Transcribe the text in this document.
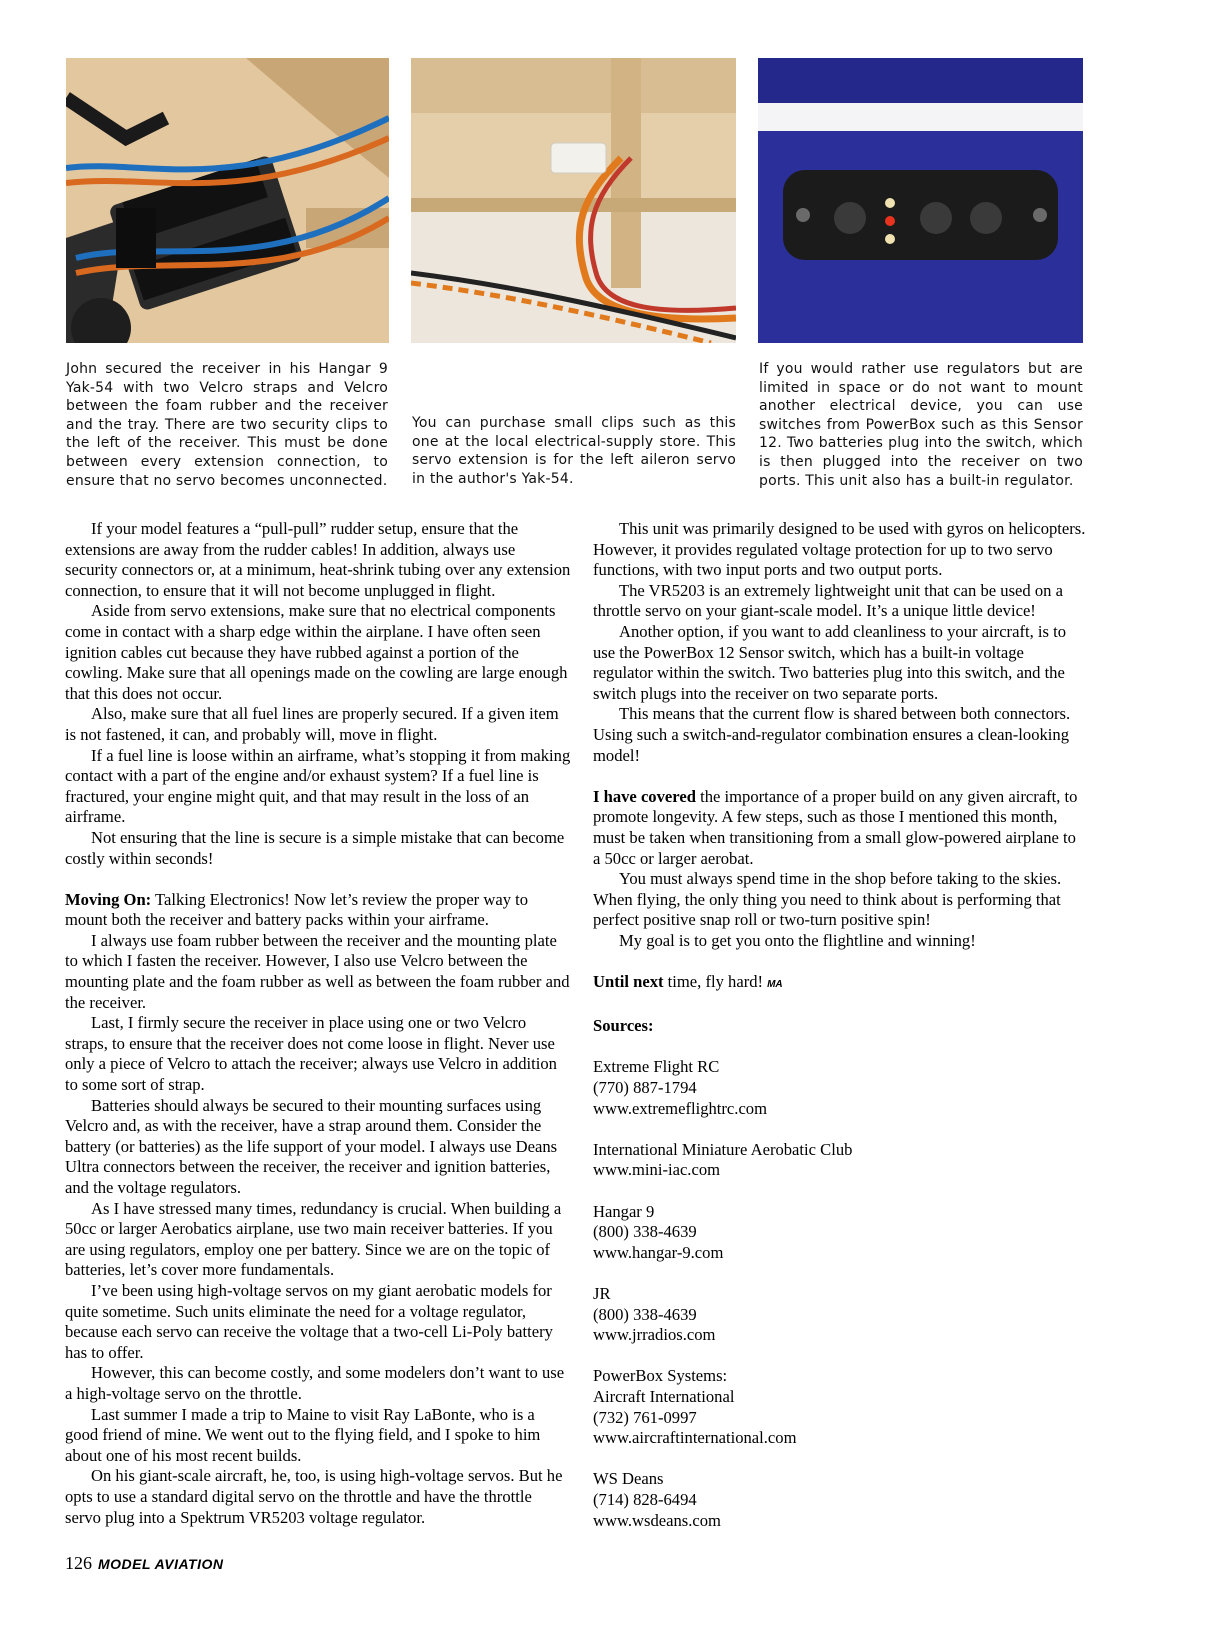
John secured the receiver in his Hangar 9 Yak-54 with two Velcro straps and Velcro between the foam rubber and the receiver and the tray. There are two security clips to the left of the receiver. This must be done between every extension connection, to ensure that no servo becomes unconnected.
You can purchase small clips such as this one at the local electrical-supply store. This servo extension is for the left aileron servo in the author's Yak-54.
If you would rather use regulators but are limited in space or do not want to mount another electrical device, you can use switches from PowerBox such as this Sensor 12. Two batteries plug into the switch, which is then plugged into the receiver on two ports. This unit also has a built-in regulator.

If your model features a “pull-pull” rudder setup, ensure that the extensions are away from the rudder cables! In addition, always use security connectors or, at a minimum, heat-shrink tubing over any extension connection, to ensure that it will not become unplugged in flight.

Aside from servo extensions, make sure that no electrical components come in contact with a sharp edge within the airplane. I have often seen ignition cables cut because they have rubbed against a portion of the cowling. Make sure that all openings made on the cowling are large enough that this does not occur.

Also, make sure that all fuel lines are properly secured. If a given item is not fastened, it can, and probably will, move in flight.

If a fuel line is loose within an airframe, what’s stopping it from making contact with a part of the engine and/or exhaust system? If a fuel line is fractured, your engine might quit, and that may result in the loss of an airframe.

Not ensuring that the line is secure is a simple mistake that can become costly within seconds!

Moving On: Talking Electronics! Now let’s review the proper way to mount both the receiver and battery packs within your airframe.

I always use foam rubber between the receiver and the mounting plate to which I fasten the receiver. However, I also use Velcro between the mounting plate and the foam rubber as well as between the foam rubber and the receiver.

Last, I firmly secure the receiver in place using one or two Velcro straps, to ensure that the receiver does not come loose in flight. Never use only a piece of Velcro to attach the receiver; always use Velcro in addition to some sort of strap.

Batteries should always be secured to their mounting surfaces using Velcro and, as with the receiver, have a strap around them. Consider the battery (or batteries) as the life support of your model. I always use Deans Ultra connectors between the receiver, the receiver and ignition batteries, and the voltage regulators.

As I have stressed many times, redundancy is crucial. When building a 50cc or larger Aerobatics airplane, use two main receiver batteries. If you are using regulators, employ one per battery. Since we are on the topic of batteries, let’s cover more fundamentals.

I’ve been using high-voltage servos on my giant aerobatic models for quite sometime. Such units eliminate the need for a voltage regulator, because each servo can receive the voltage that a two-cell Li-Poly battery has to offer.

However, this can become costly, and some modelers don’t want to use a high-voltage servo on the throttle.

Last summer I made a trip to Maine to visit Ray LaBonte, who is a good friend of mine. We went out to the flying field, and I spoke to him about one of his most recent builds.

On his giant-scale aircraft, he, too, is using high-voltage servos. But he opts to use a standard digital servo on the throttle and have the throttle servo plug into a Spektrum VR5203 voltage regulator.

This unit was primarily designed to be used with gyros on helicopters. However, it provides regulated voltage protection for up to two servo functions, with two input ports and two output ports.

The VR5203 is an extremely lightweight unit that can be used on a throttle servo on your giant-scale model. It’s a unique little device!

Another option, if you want to add cleanliness to your aircraft, is to use the PowerBox 12 Sensor switch, which has a built-in voltage regulator within the switch. Two batteries plug into this switch, and the switch plugs into the receiver on two separate ports.

This means that the current flow is shared between both connectors. Using such a switch-and-regulator combination ensures a clean-looking model!

I have covered the importance of a proper build on any given aircraft, to promote longevity. A few steps, such as those I mentioned this month, must be taken when transitioning from a small glow-powered airplane to a 50cc or larger aerobat.

You must always spend time in the shop before taking to the skies. When flying, the only thing you need to think about is performing that perfect positive snap roll or two-turn positive spin!

My goal is to get you onto the flightline and winning!

Until next time, fly hard! MA

Sources:

Extreme Flight RC
(770) 887-1794
www.extremeflightrc.com
International Miniature Aerobatic Club
www.mini-iac.com
Hangar 9
(800) 338-4639
www.hangar-9.com
JR
(800) 338-4639
www.jrradios.com
PowerBox Systems:
Aircraft International
(732) 761-0997
www.aircraftinternational.com
WS Deans
(714) 828-6494
www.wsdeans.com
126 MODEL AVIATION
